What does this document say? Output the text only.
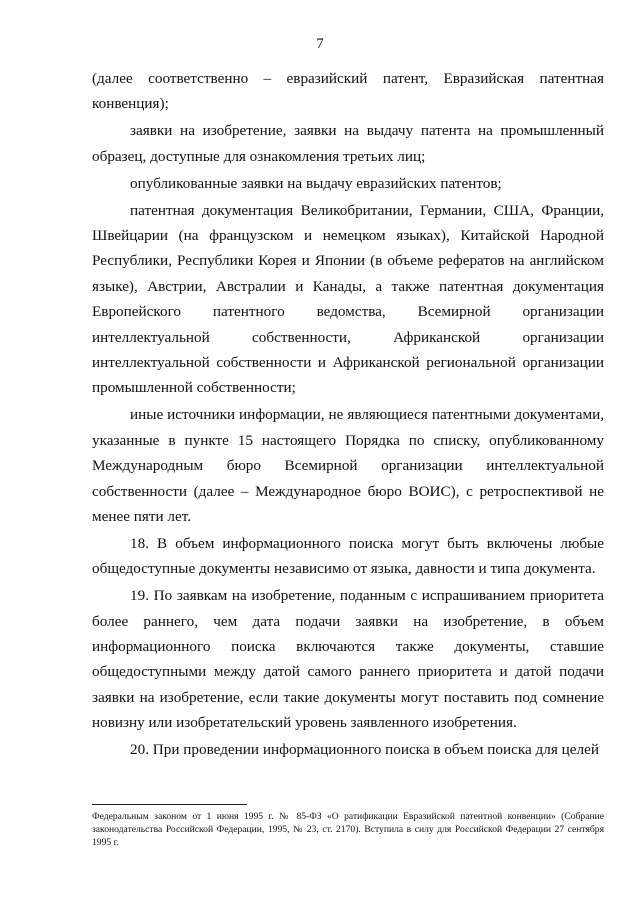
7

(далее соответственно – евразийский патент, Евразийская патентная конвенция);

заявки на изобретение, заявки на выдачу патента на промышленный образец, доступные для ознакомления третьих лиц;

опубликованные заявки на выдачу евразийских патентов;

патентная документация Великобритании, Германии, США, Франции, Швейцарии (на французском и немецком языках), Китайской Народной Республики, Республики Корея и Японии (в объеме рефератов на английском языке), Австрии, Австралии и Канады, а также патентная документация Европейского патентного ведомства, Всемирной организации интеллектуальной собственности, Африканской организации интеллектуальной собственности и Африканской региональной организации промышленной собственности;

иные источники информации, не являющиеся патентными документами, указанные в пункте 15 настоящего Порядка по списку, опубликованному Международным бюро Всемирной организации интеллектуальной собственности (далее – Международное бюро ВОИС), с ретроспективой не менее пяти лет.

18. В объем информационного поиска могут быть включены любые общедоступные документы независимо от языка, давности и типа документа.

19. По заявкам на изобретение, поданным с испрашиванием приоритета более раннего, чем дата подачи заявки на изобретение, в объем информационного поиска включаются также документы, ставшие общедоступными между датой самого раннего приоритета и датой подачи заявки на изобретение, если такие документы могут поставить под сомнение новизну или изобретательский уровень заявленного изобретения.

20. При проведении информационного поиска в объем поиска для целей

Федеральным законом от 1 июня 1995 г. № 85-ФЗ «О ратификации Евразийской патентной конвенции» (Собрание законодательства Российской Федерации, 1995, № 23, ст. 2170). Вступила в силу для Российской Федерации 27 сентября 1995 г.
